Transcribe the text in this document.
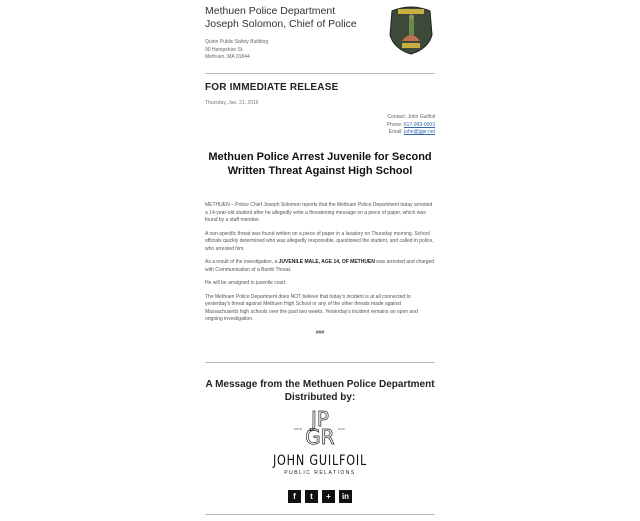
Methuen Police Department
Joseph Solomon, Chief of Police
Quinn Public Safety Building
90 Hampshire St.
Methuen, MA 01844
FOR IMMEDIATE RELEASE
Thursday, Jan. 21, 2016
Contact: John Guilfoil
Phone: 617-993-0003
Email: john@jgpr.net
Methuen Police Arrest Juvenile for Second Written Threat Against High School

METHUEN – Police Chief Joseph Solomon reports that the Methuen Police Department today arrested a 14-year-old student after he allegedly write a threatening message on a piece of paper, which was found by a staff member.

A non-specific threat was found written on a piece of paper in a lavatory on Thursday morning. School officials quickly determined who was allegedly responsible, questioned the student, and called in police, who arrested him.

As a result of the investigation, a JUVENILE MALE, AGE 14, OF METHUEN was arrested and charged with Communication of a Bomb Threat.

He will be arraigned in juvenile court.

The Methuen Police Department does NOT believe that today's incident is at all connected to yesterday's threat against Methuen High School or any of the other threats made against Massachusetts high schools over the past two weeks. Yesterday's incident remains an open and ongoing investigation.

###
A Message from the Methuen Police Department Distributed by:
JP
GR
ESTD	2013
JOHN GUILFOIL
PUBLIC RELATIONS
f t + in
